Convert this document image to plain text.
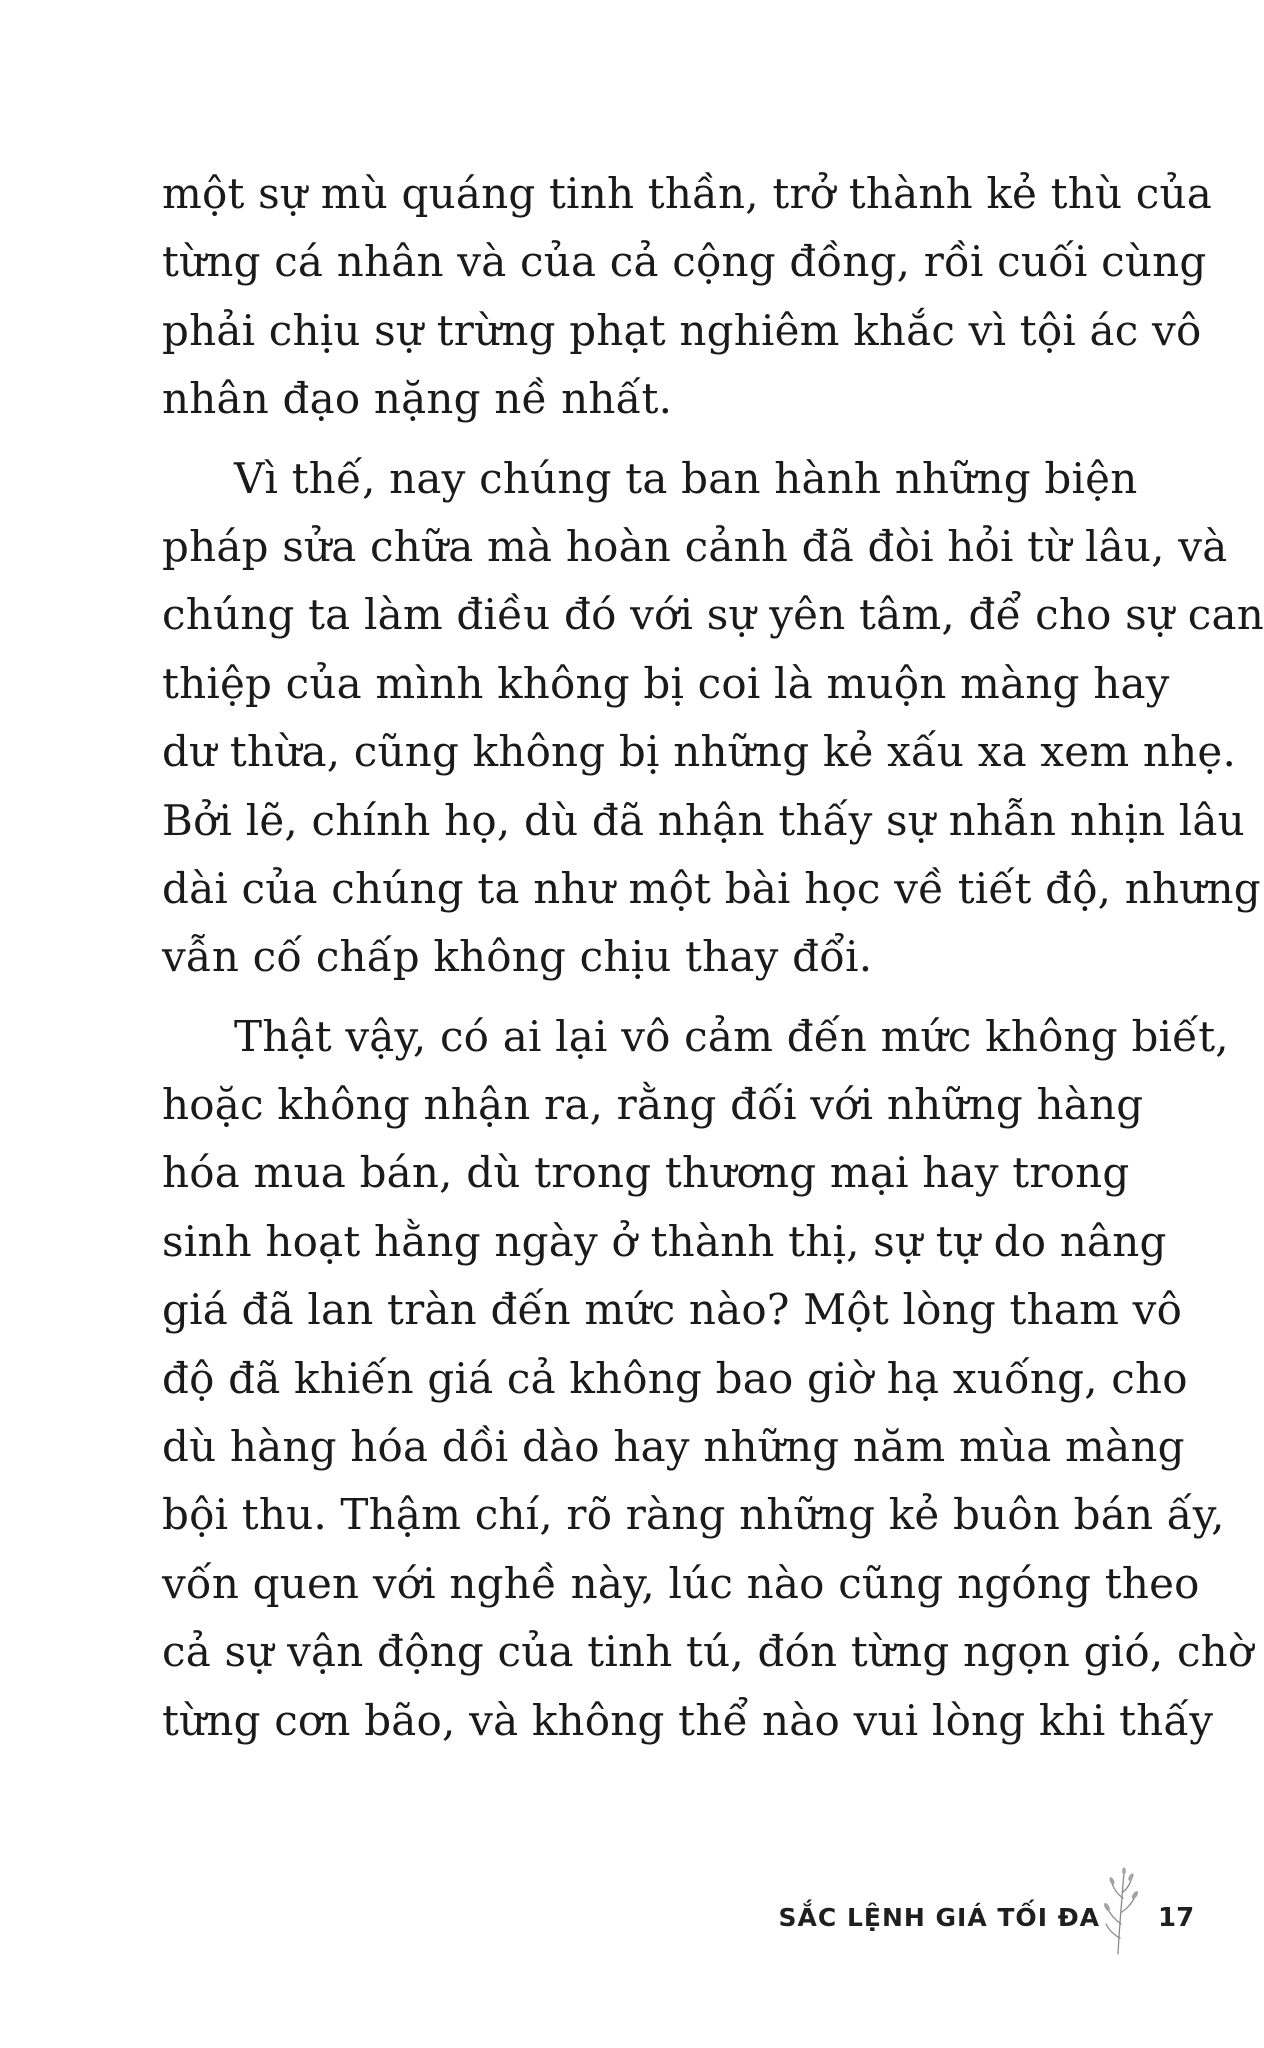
một sự mù quáng tinh thần, trở thành kẻ thù của
từng cá nhân và của cả cộng đồng, rồi cuối cùng
phải chịu sự trừng phạt nghiêm khắc vì tội ác vô
nhân đạo nặng nề nhất.
Vì thế, nay chúng ta ban hành những biện
pháp sửa chữa mà hoàn cảnh đã đòi hỏi từ lâu, và
chúng ta làm điều đó với sự yên tâm, để cho sự can
thiệp của mình không bị coi là muộn màng hay
dư thừa, cũng không bị những kẻ xấu xa xem nhẹ.
Bởi lẽ, chính họ, dù đã nhận thấy sự nhẫn nhịn lâu
dài của chúng ta như một bài học về tiết độ, nhưng
vẫn cố chấp không chịu thay đổi.
Thật vậy, có ai lại vô cảm đến mức không biết,
hoặc không nhận ra, rằng đối với những hàng
hóa mua bán, dù trong thương mại hay trong
sinh hoạt hằng ngày ở thành thị, sự tự do nâng
giá đã lan tràn đến mức nào? Một lòng tham vô
độ đã khiến giá cả không bao giờ hạ xuống, cho
dù hàng hóa dồi dào hay những năm mùa màng
bội thu. Thậm chí, rõ ràng những kẻ buôn bán ấy,
vốn quen với nghề này, lúc nào cũng ngóng theo
cả sự vận động của tinh tú, đón từng ngọn gió, chờ
từng cơn bão, và không thể nào vui lòng khi thấy
SẮC LỆNH GIÁ TỐI ĐA 17
